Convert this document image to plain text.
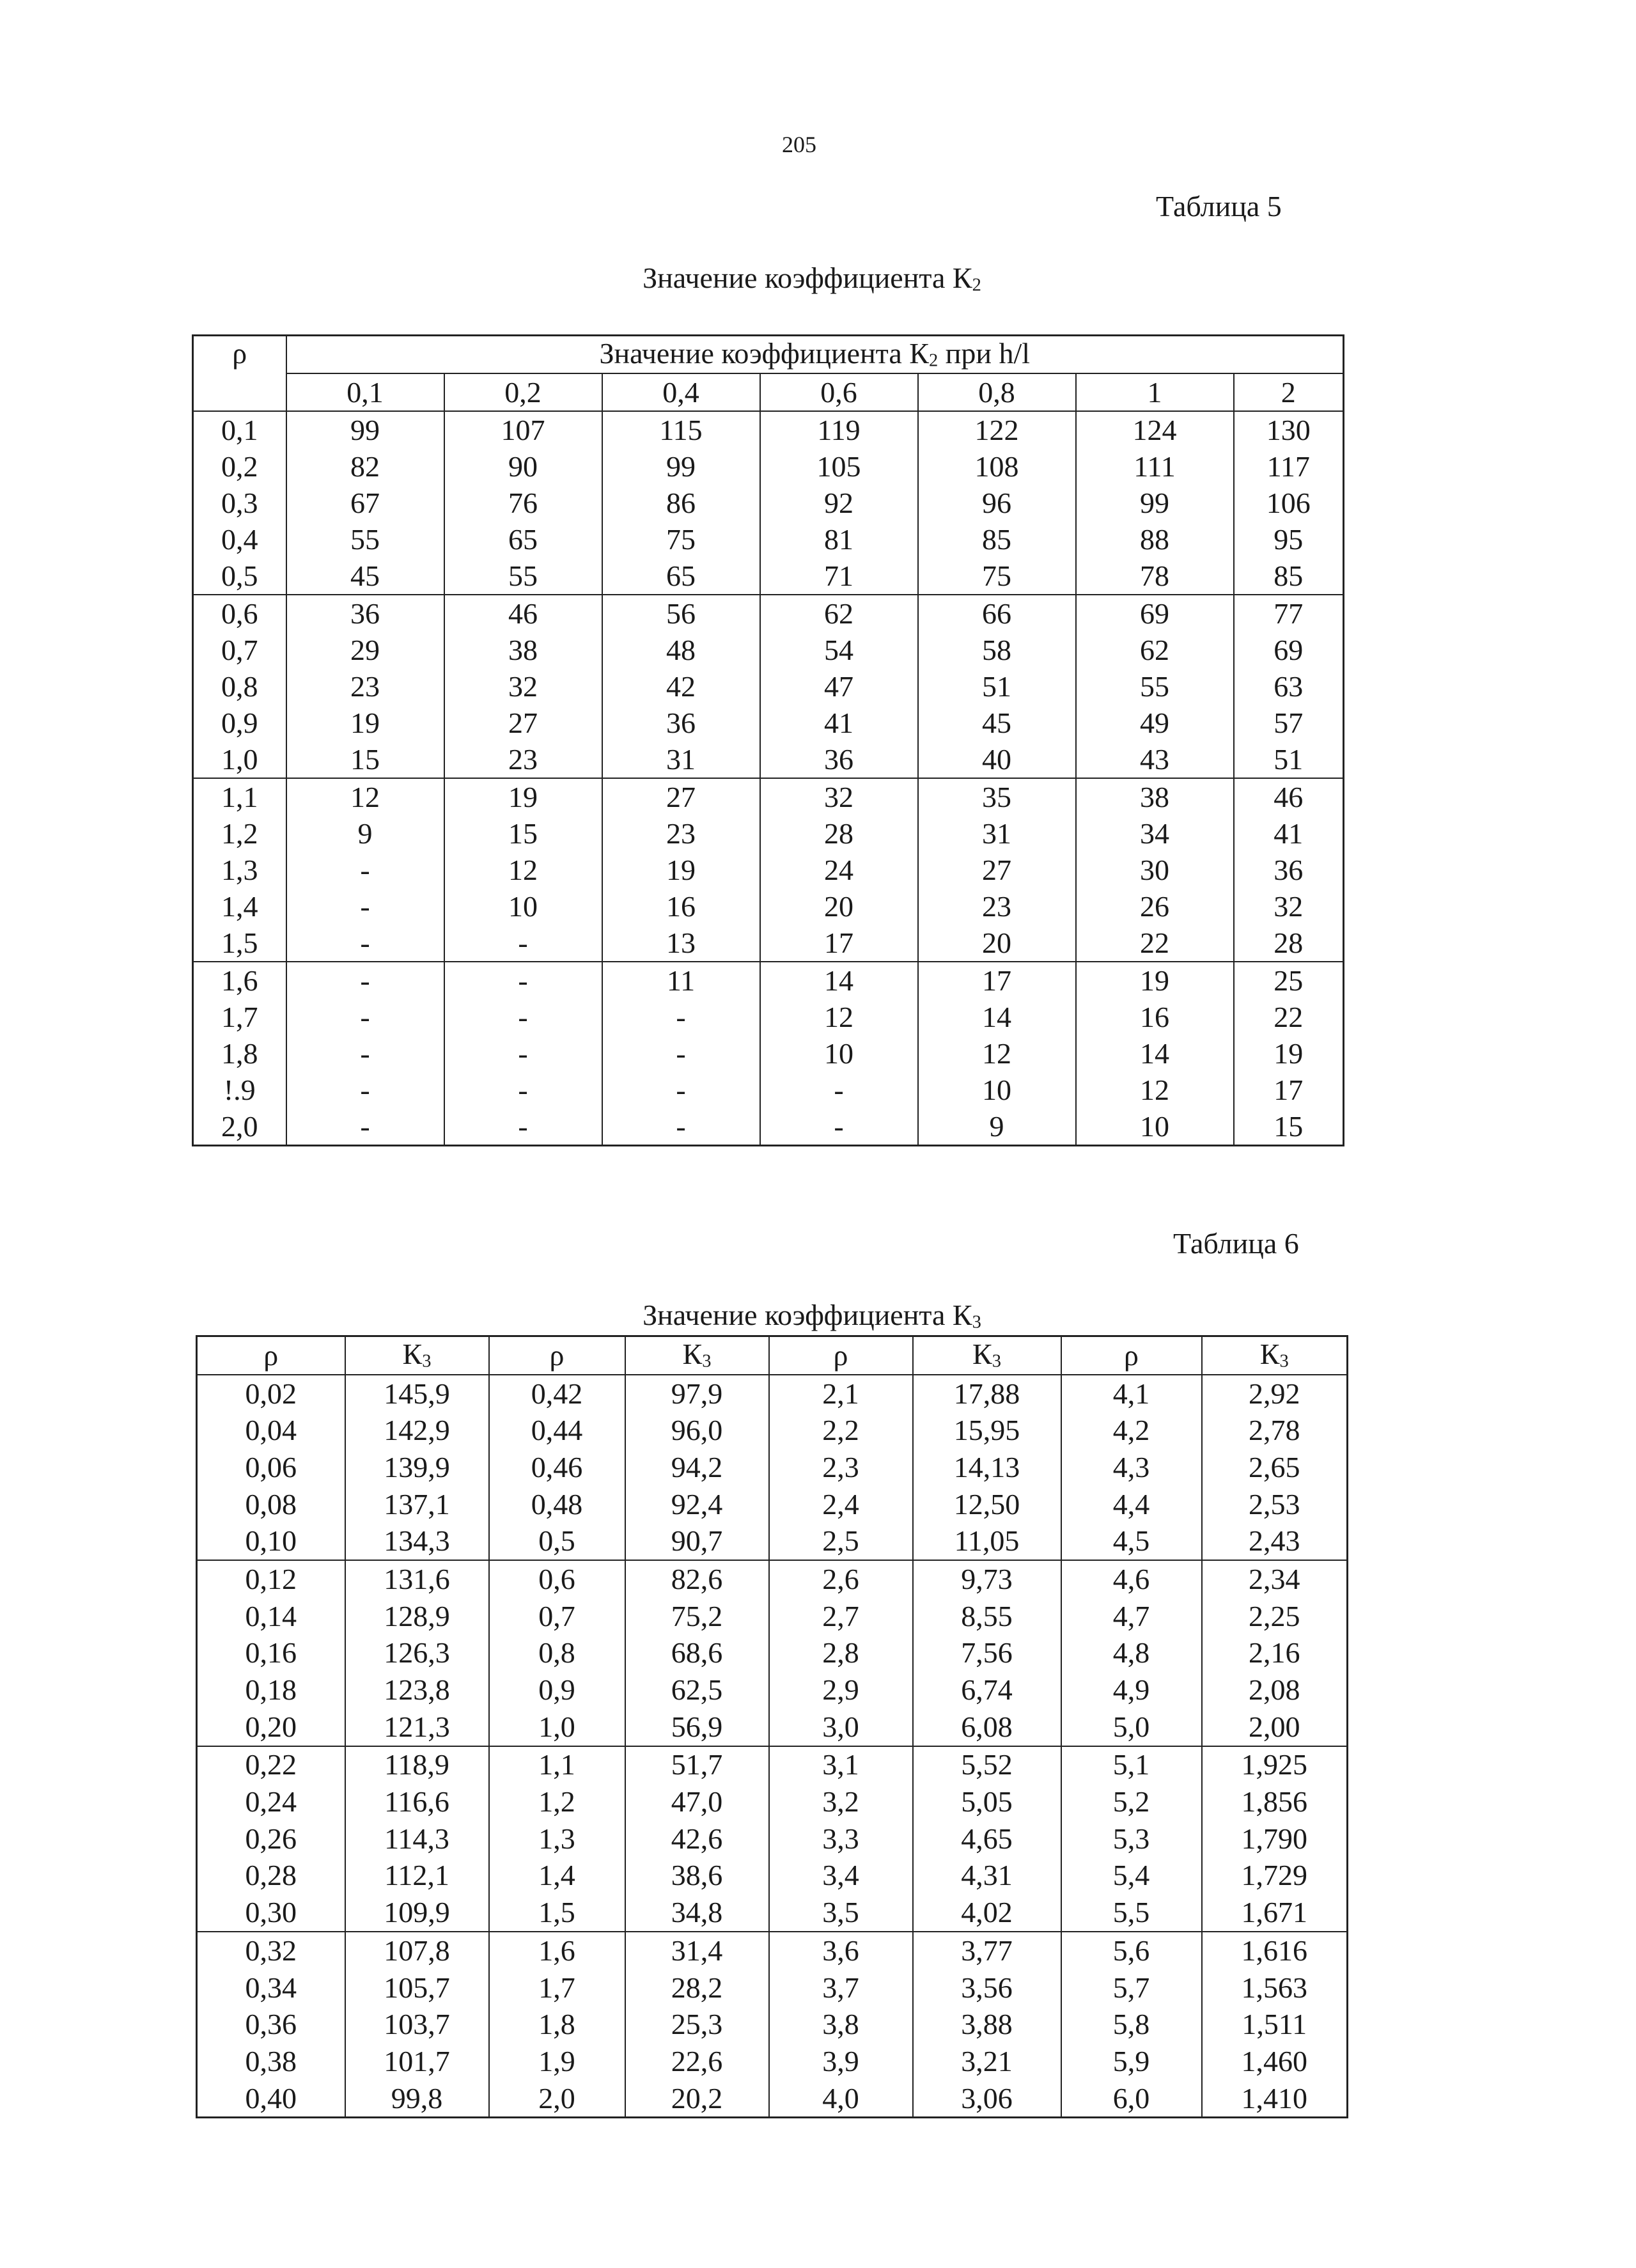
205
Таблица 5
Значение коэффициента $К_2$
ρ	Значение коэффициента $К_2$ при h/l						
	0,1	0,2	0,4	0,6	0,8	1	2
0,1	99	107	115	119	122	124	130
0,2	82	90	99	105	108	111	117
0,3	67	76	86	92	96	99	106
0,4	55	65	75	81	85	88	95
0,5	45	55	65	71	75	78	85
0,6	36	46	56	62	66	69	77
0,7	29	38	48	54	58	62	69
0,8	23	32	42	47	51	55	63
0,9	19	27	36	41	45	49	57
1,0	15	23	31	36	40	43	51
1,1	12	19	27	32	35	38	46
1,2	9	15	23	28	31	34	41
1,3	-	12	19	24	27	30	36
1,4	-	10	16	20	23	26	32
1,5	-	-	13	17	20	22	28
1,6	-	-	11	14	17	19	25
1,7	-	-	-	12	14	16	22
1,8	-	-	-	10	12	14	19
!.9	-	-	-	-	10	12	17
2,0	-	-	-	-	9	10	15
Таблица 6
Значение коэффициента $К_3$
ρ	$К_3$	ρ	$К_3$	ρ	$К_3$	ρ	$К_3$
0,02	145,9	0,42	97,9	2,1	17,88	4,1	2,92
0,04	142,9	0,44	96,0	2,2	15,95	4,2	2,78
0,06	139,9	0,46	94,2	2,3	14,13	4,3	2,65
0,08	137,1	0,48	92,4	2,4	12,50	4,4	2,53
0,10	134,3	0,5	90,7	2,5	11,05	4,5	2,43
0,12	131,6	0,6	82,6	2,6	9,73	4,6	2,34
0,14	128,9	0,7	75,2	2,7	8,55	4,7	2,25
0,16	126,3	0,8	68,6	2,8	7,56	4,8	2,16
0,18	123,8	0,9	62,5	2,9	6,74	4,9	2,08
0,20	121,3	1,0	56,9	3,0	6,08	5,0	2,00
0,22	118,9	1,1	51,7	3,1	5,52	5,1	1,925
0,24	116,6	1,2	47,0	3,2	5,05	5,2	1,856
0,26	114,3	1,3	42,6	3,3	4,65	5,3	1,790
0,28	112,1	1,4	38,6	3,4	4,31	5,4	1,729
0,30	109,9	1,5	34,8	3,5	4,02	5,5	1,671
0,32	107,8	1,6	31,4	3,6	3,77	5,6	1,616
0,34	105,7	1,7	28,2	3,7	3,56	5,7	1,563
0,36	103,7	1,8	25,3	3,8	3,88	5,8	1,511
0,38	101,7	1,9	22,6	3,9	3,21	5,9	1,460
0,40	99,8	2,0	20,2	4,0	3,06	6,0	1,410
